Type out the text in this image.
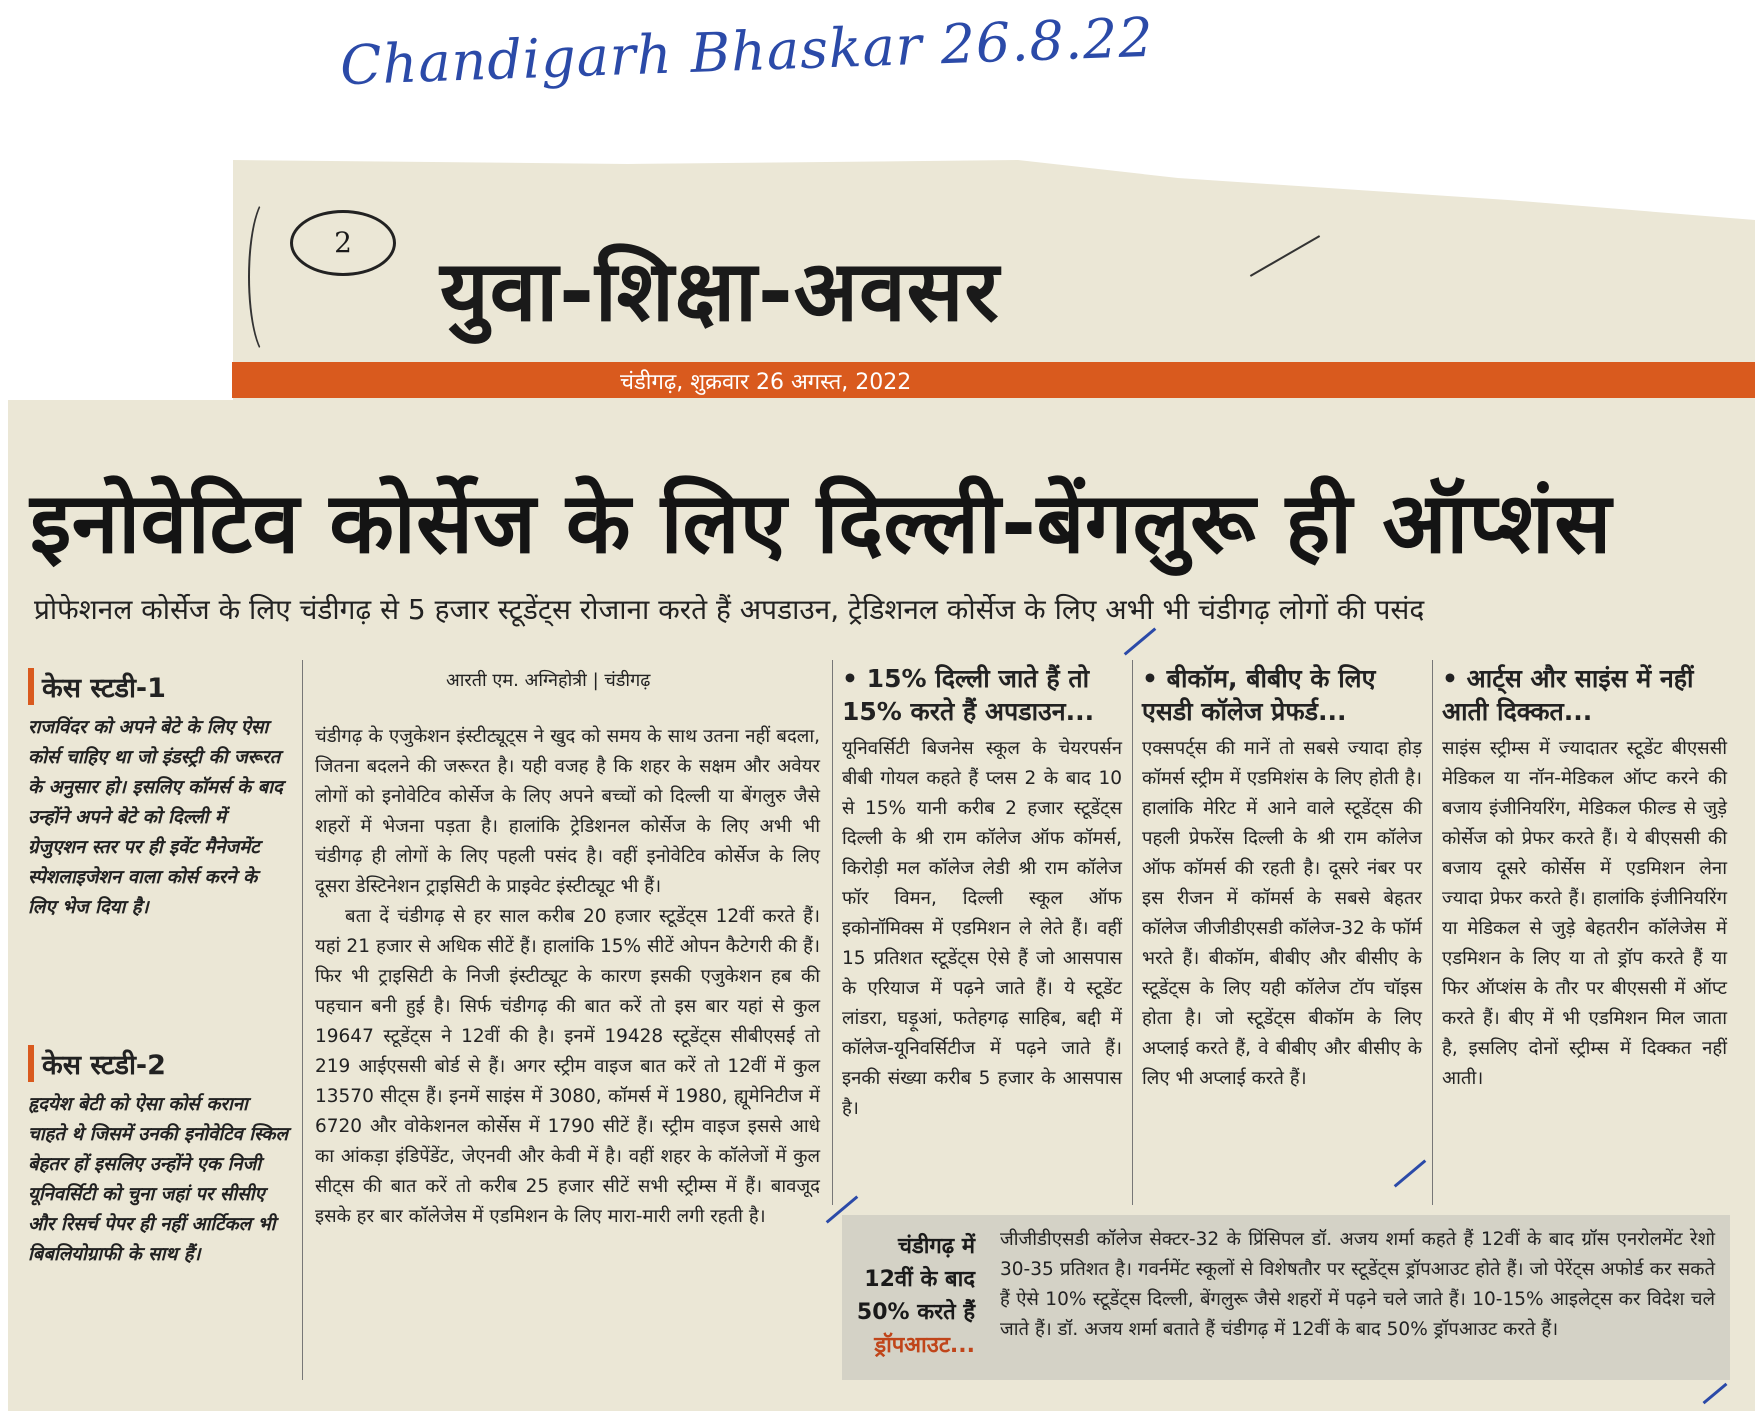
Chandigarh Bhaskar 26.8.22
2	युवा-शिक्षा-अवसर
चंडीगढ़, शुक्रवार 26 अगस्त, 2022
इनोवेटिव कोर्सेज के लिए दिल्ली-बेंगलुरू ही ऑप्शंस
प्रोफेशनल कोर्सेज के लिए चंडीगढ़ से 5 हजार स्टूडेंट्स रोजाना करते हैं अपडाउन, ट्रेडिशनल कोर्सेज के लिए अभी भी चंडीगढ़ लोगों की पसंद
केस स्टडी-1
राजविंदर को अपने बेटे के लिए ऐसा कोर्स चाहिए था जो इंडस्ट्री की जरूरत के अनुसार हो। इसलिए कॉमर्स के बाद उन्होंने अपने बेटे को दिल्ली में ग्रेजुएशन स्तर पर ही इवेंट मैनेजमेंट स्पेशलाइजेशन वाला कोर्स करने के लिए भेज दिया है।
केस स्टडी-2
हृदयेश बेटी को ऐसा कोर्स कराना चाहते थे जिसमें उनकी इनोवेटिव स्किल बेहतर हों इसलिए उन्होंने एक निजी यूनिवर्सिटी को चुना जहां पर सीसीए और रिसर्च पेपर ही नहीं आर्टिकल भी बिबलियोग्राफी के साथ हैं।
आरती एम. अग्निहोत्री | चंडीगढ़

चंडीगढ़ के एजुकेशन इंस्टीट्यूट्स ने खुद को समय के साथ उतना नहीं बदला, जितना बदलने की जरूरत है। यही वजह है कि शहर के सक्षम और अवेयर लोगों को इनोवेटिव कोर्सेज के लिए अपने बच्चों को दिल्ली या बेंगलुरु जैसे शहरों में भेजना पड़ता है। हालांकि ट्रेडिशनल कोर्सेज के लिए अभी भी चंडीगढ़ ही लोगों के लिए पहली पसंद है। वहीं इनोवेटिव कोर्सेज के लिए दूसरा डेस्टिनेशन ट्राइसिटी के प्राइवेट इंस्टीट्यूट भी हैं।

बता दें चंडीगढ़ से हर साल करीब 20 हजार स्टूडेंट्स 12वीं करते हैं। यहां 21 हजार से अधिक सीटें हैं। हालांकि 15% सीटें ओपन कैटेगरी की हैं। फिर भी ट्राइसिटी के निजी इंस्टीट्यूट के कारण इसकी एजुकेशन हब की पहचान बनी हुई है। सिर्फ चंडीगढ़ की बात करें तो इस बार यहां से कुल 19647 स्टूडेंट्स ने 12वीं की है। इनमें 19428 स्टूडेंट्स सीबीएसई तो 219 आईएससी बोर्ड से हैं। अगर स्ट्रीम वाइज बात करें तो 12वीं में कुल 13570 सीट्स हैं। इनमें साइंस में 3080, कॉमर्स में 1980, ह्यूमेनिटीज में 6720 और वोकेशनल कोर्सेस में 1790 सीटें हैं। स्ट्रीम वाइज इससे आधे का आंकड़ा इंडिपेंडेंट, जेएनवी और केवी में है। वहीं शहर के कॉलेजों में कुल सीट्स की बात करें तो करीब 25 हजार सीटें सभी स्ट्रीम्स में हैं। बावजूद इसके हर बार कॉलेजेस में एडमिशन के लिए मारा-मारी लगी रहती है।

• 15% दिल्ली जाते हैं तो 15% करते हैं अपडाउन...
यूनिवर्सिटी बिजनेस स्कूल के चेयरपर्सन बीबी गोयल कहते हैं प्लस 2 के बाद 10 से 15% यानी करीब 2 हजार स्टूडेंट्स दिल्ली के श्री राम कॉलेज ऑफ कॉमर्स, किरोड़ी मल कॉलेज लेडी श्री राम कॉलेज फॉर विमन, दिल्ली स्कूल ऑफ इकोनॉमिक्स में एडमिशन ले लेते हैं। वहीं 15 प्रतिशत स्टूडेंट्स ऐसे हैं जो आसपास के एरियाज में पढ़ने जाते हैं। ये स्टूडेंट लांडरा, घड़ूआं, फतेहगढ़ साहिब, बद्दी में कॉलेज-यूनिवर्सिटीज में पढ़ने जाते हैं। इनकी संख्या करीब 5 हजार के आसपास है।
• बीकॉम, बीबीए के लिए एसडी कॉलेज प्रेफर्ड...
एक्सपर्ट्स की मानें तो सबसे ज्यादा होड़ कॉमर्स स्ट्रीम में एडमिशंस के लिए होती है। हालांकि मेरिट में आने वाले स्टूडेंट्स की पहली प्रेफरेंस दिल्ली के श्री राम कॉलेज ऑफ कॉमर्स की रहती है। दूसरे नंबर पर इस रीजन में कॉमर्स के सबसे बेहतर कॉलेज जीजीडीएसडी कॉलेज-32 के फॉर्म भरते हैं। बीकॉम, बीबीए और बीसीए के स्टूडेंट्स के लिए यही कॉलेज टॉप चॉइस होता है। जो स्टूडेंट्स बीकॉम के लिए अप्लाई करते हैं, वे बीबीए और बीसीए के लिए भी अप्लाई करते हैं।
• आर्ट्स और साइंस में नहीं आती दिक्कत...
साइंस स्ट्रीम्स में ज्यादातर स्टूडेंट बीएससी मेडिकल या नॉन-मेडिकल ऑप्ट करने की बजाय इंजीनियरिंग, मेडिकल फील्ड से जुड़े कोर्सेज को प्रेफर करते हैं। ये बीएससी की बजाय दूसरे कोर्सेस में एडमिशन लेना ज्यादा प्रेफर करते हैं। हालांकि इंजीनियरिंग या मेडिकल से जुड़े बेहतरीन कॉलेजेस में एडमिशन के लिए या तो ड्रॉप करते हैं या फिर ऑप्शंस के तौर पर बीएससी में ऑप्ट करते हैं। बीए में भी एडमिशन मिल जाता है, इसलिए दोनों स्ट्रीम्स में दिक्कत नहीं आती।
चंडीगढ़ में 12वीं के बाद 50% करते हैं ड्रॉपआउट...
जीजीडीएसडी कॉलेज सेक्टर-32 के प्रिंसिपल डॉ. अजय शर्मा कहते हैं 12वीं के बाद ग्रॉस एनरोलमेंट रेशो 30-35 प्रतिशत है। गवर्नमेंट स्कूलों से विशेषतौर पर स्टूडेंट्स ड्रॉपआउट होते हैं। जो पेरेंट्स अफोर्ड कर सकते हैं ऐसे 10% स्टूडेंट्स दिल्ली, बेंगलुरू जैसे शहरों में पढ़ने चले जाते हैं। 10-15% आइलेट्स कर विदेश चले जाते हैं। डॉ. अजय शर्मा बताते हैं चंडीगढ़ में 12वीं के बाद 50% ड्रॉपआउट करते हैं।
